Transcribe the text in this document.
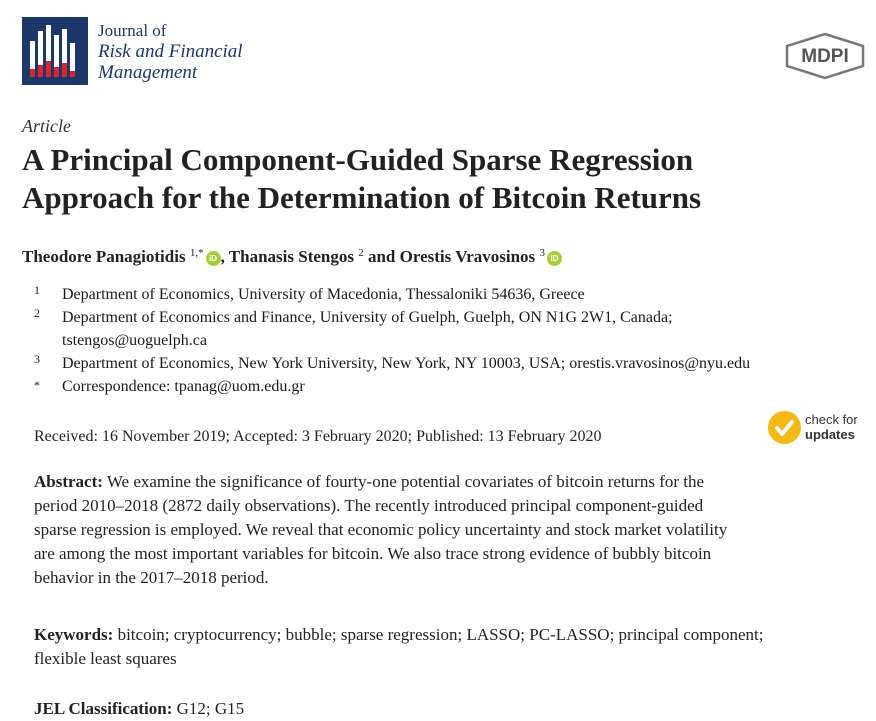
Journal of
Risk and Financial
Management
MDPI
Article
A Principal Component-Guided Sparse Regression
Approach for the Determination of Bitcoin Returns
Theodore Panagiotidis $^{1,*}$ iD , Thanasis Stengos $^2$ and Orestis Vravosinos $^3$ iD
1 Department of Economics, University of Macedonia, Thessaloniki 54636, Greece
2 Department of Economics and Finance, University of Guelph, Guelph, ON N1G 2W1, Canada;
tstengos@uoguelph.ca
3 Department of Economics, New York University, New York, NY 10003, USA; orestis.vravosinos@nyu.edu
* Correspondence: tpanag@uom.edu.gr
check for
updates
Received: 16 November 2019; Accepted: 3 February 2020; Published: 13 February 2020
Abstract: We examine the significance of fourty-one potential covariates of bitcoin returns for the
period 2010–2018 (2872 daily observations). The recently introduced principal component-guided
sparse regression is employed. We reveal that economic policy uncertainty and stock market volatility
are among the most important variables for bitcoin. We also trace strong evidence of bubbly bitcoin
behavior in the 2017–2018 period.
Keywords: bitcoin; cryptocurrency; bubble; sparse regression; LASSO; PC-LASSO; principal component;
flexible least squares
JEL Classification: G12; G15
